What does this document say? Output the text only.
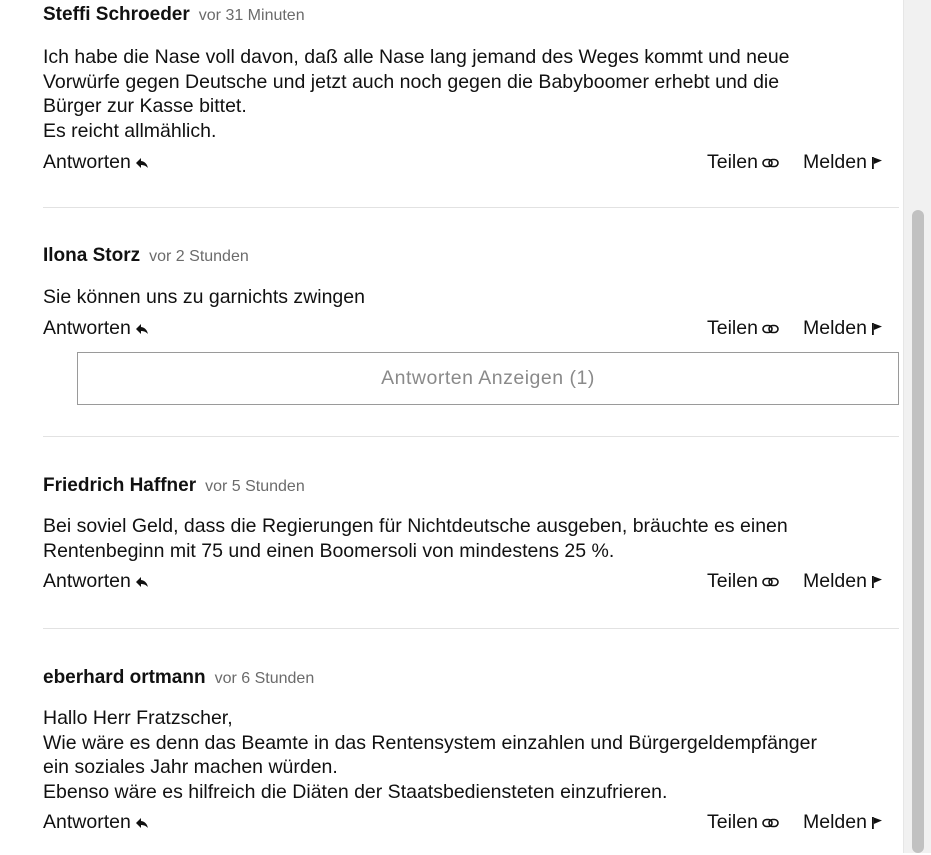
Steffi Schroeder vor 31 Minuten

Ich habe die Nase voll davon, daß alle Nase lang jemand des Weges kommt und neue

Vorwürfe gegen Deutsche und jetzt auch noch gegen die Babyboomer erhebt und die

Bürger zur Kasse bittet.

Es reicht allmählich.

Antworten	Teilen	Melden
Ilona Storz vor 2 Stunden

Sie können uns zu garnichts zwingen

Friedrich Haffner vor 5 Stunden

Bei soviel Geld, dass die Regierungen für Nichtdeutsche ausgeben, bräuchte es einen

Rentenbeginn mit 75 und einen Boomersoli von mindestens 25 %.

eberhard ortmann vor 6 Stunden

Hallo Herr Fratzscher,

Wie wäre es denn das Beamte in das Rentensystem einzahlen und Bürgergeldempfänger

ein soziales Jahr machen würden.

Ebenso wäre es hilfreich die Diäten der Staatsbediensteten einzufrieren.

Antworten	Teilen	Melden
Antworten Anzeigen (1)
Antworten	Teilen	Melden
Antworten	Teilen	Melden
